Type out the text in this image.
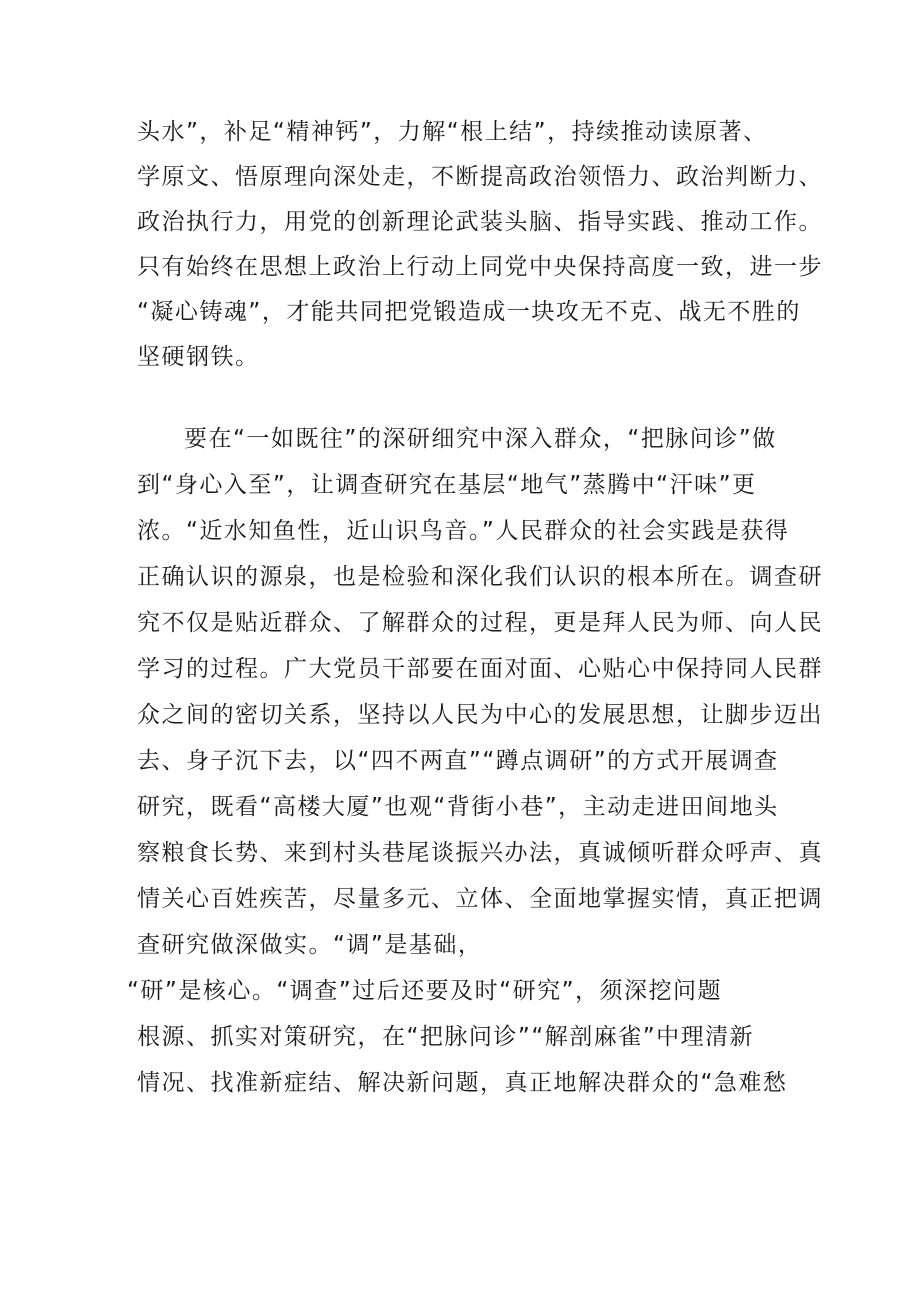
头水”，补足“精神钙”，力解“根上结”，持续推动读原著、

学原文、悟原理向深处走，不断提高政治领悟力、政治判断力、

政治执行力，用党的创新理论武装头脑、指导实践、推动工作。

只有始终在思想上政治上行动上同党中央保持高度一致，进一步

“凝心铸魂”，才能共同把党锻造成一块攻无不克、战无不胜的

坚硬钢铁。

要在“一如既往”的深研细究中深入群众，“把脉问诊”做

到“身心入至”，让调查研究在基层“地气”蒸腾中“汗味”更

浓。“近水知鱼性，近山识鸟音。”人民群众的社会实践是获得

正确认识的源泉，也是检验和深化我们认识的根本所在。调查研

究不仅是贴近群众、了解群众的过程，更是拜人民为师、向人民

学习的过程。广大党员干部要在面对面、心贴心中保持同人民群

众之间的密切关系，坚持以人民为中心的发展思想，让脚步迈出

去、身子沉下去，以“四不两直”“蹲点调研”的方式开展调查

研究，既看“高楼大厦”也观“背街小巷”，主动走进田间地头

察粮食长势、来到村头巷尾谈振兴办法，真诚倾听群众呼声、真

情关心百姓疾苦，尽量多元、立体、全面地掌握实情，真正把调

查研究做深做实。“调”是基础，

“研”是核心。“调查”过后还要及时“研究”，须深挖问题

根源、抓实对策研究，在“把脉问诊”“解剖麻雀”中理清新

情况、找准新症结、解决新问题，真正地解决群众的“急难愁
